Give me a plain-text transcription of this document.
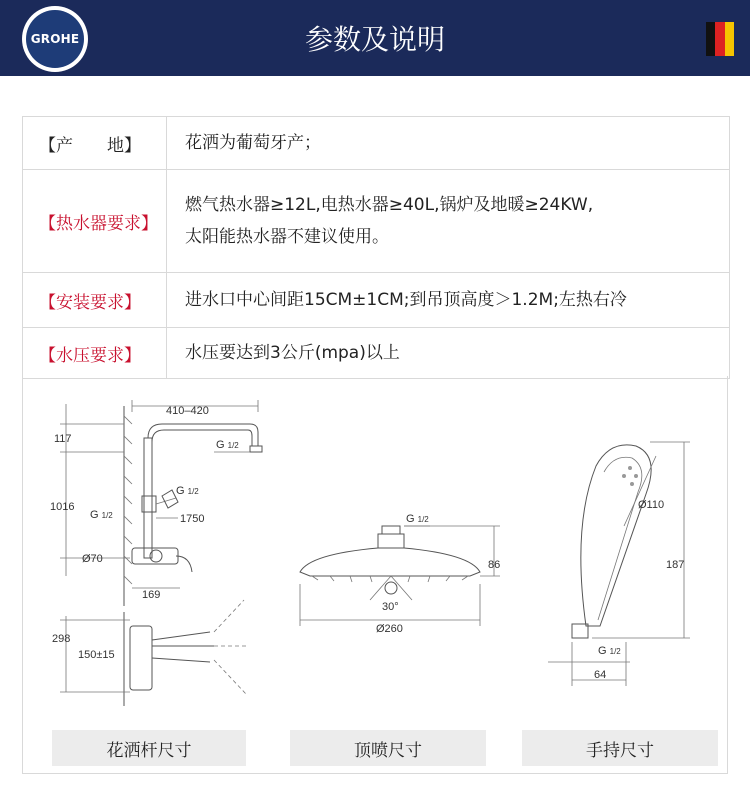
GROHE	参数及说明
【产　　地】	花洒为葡萄牙产；
【热水器要求】
燃气热水器≥12L,电热水器≥40L,锅炉及地暖≥24KW,
太阳能热水器不建议使用。
【安装要求】	进水口中心间距15CM±1CM;到吊顶高度＞1.2M;左热右冷
【水压要求】	水压要达到3公斤(mpa)以上
410–420
117
1016
Ø70
G 1/2
G 1/2
G 1/2	1750
169
298
150±15
30°
G 1/2
Ø260
86
Ø110
187
G 1/2
64
花洒杆尺寸	顶喷尺寸	手持尺寸
